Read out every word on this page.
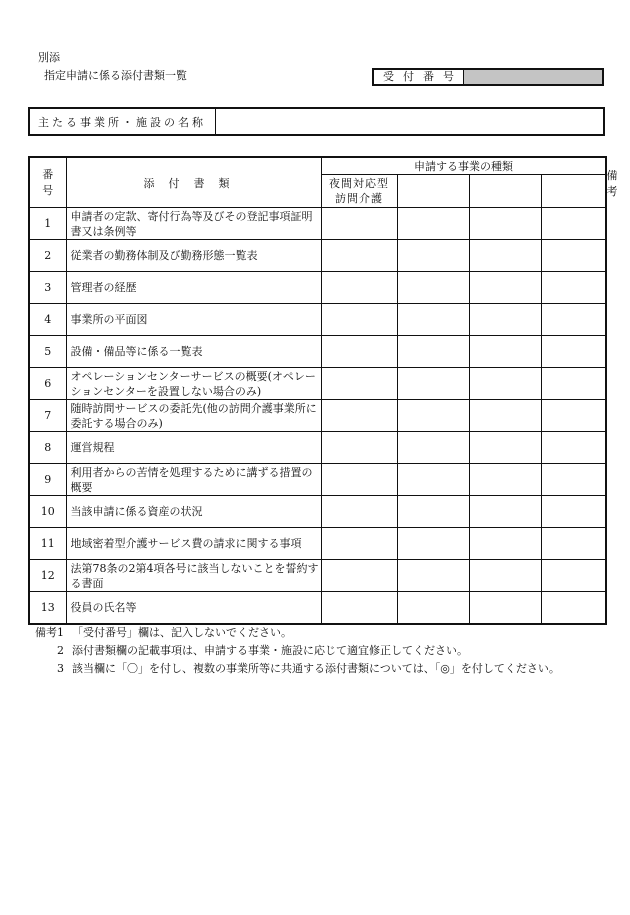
別添
指定申請に係る添付書類一覧	受付番号
主たる事業所・施設の名称
番号	添付書類	申請する事業の種類				備考
		夜間対応型訪問介護				
1	申請者の定款、寄付行為等及びその登記事項証明書又は条例等					
2	従業者の勤務体制及び勤務形態一覧表					
3	管理者の経歴					
4	事業所の平面図					
5	設備・備品等に係る一覧表					
6	オペレーションセンターサービスの概要(オペレーションセンターを設置しない場合のみ)					
7	随時訪問サービスの委託先(他の訪問介護事業所に委託する場合のみ)					
8	運営規程					
9	利用者からの苦情を処理するために講ずる措置の概要					
10	当該申請に係る資産の状況					
11	地域密着型介護サービス費の請求に関する事項					
12	法第78条の2第4項各号に該当しないことを誓約する書面					
13	役員の氏名等					
備考1 「受付番号」欄は、記入しないでください。
2 添付書類欄の記載事項は、申請する事業・施設に応じて適宜修正してください。
3 該当欄に「〇」を付し、複数の事業所等に共通する添付書類については、「◎」を付してください。
